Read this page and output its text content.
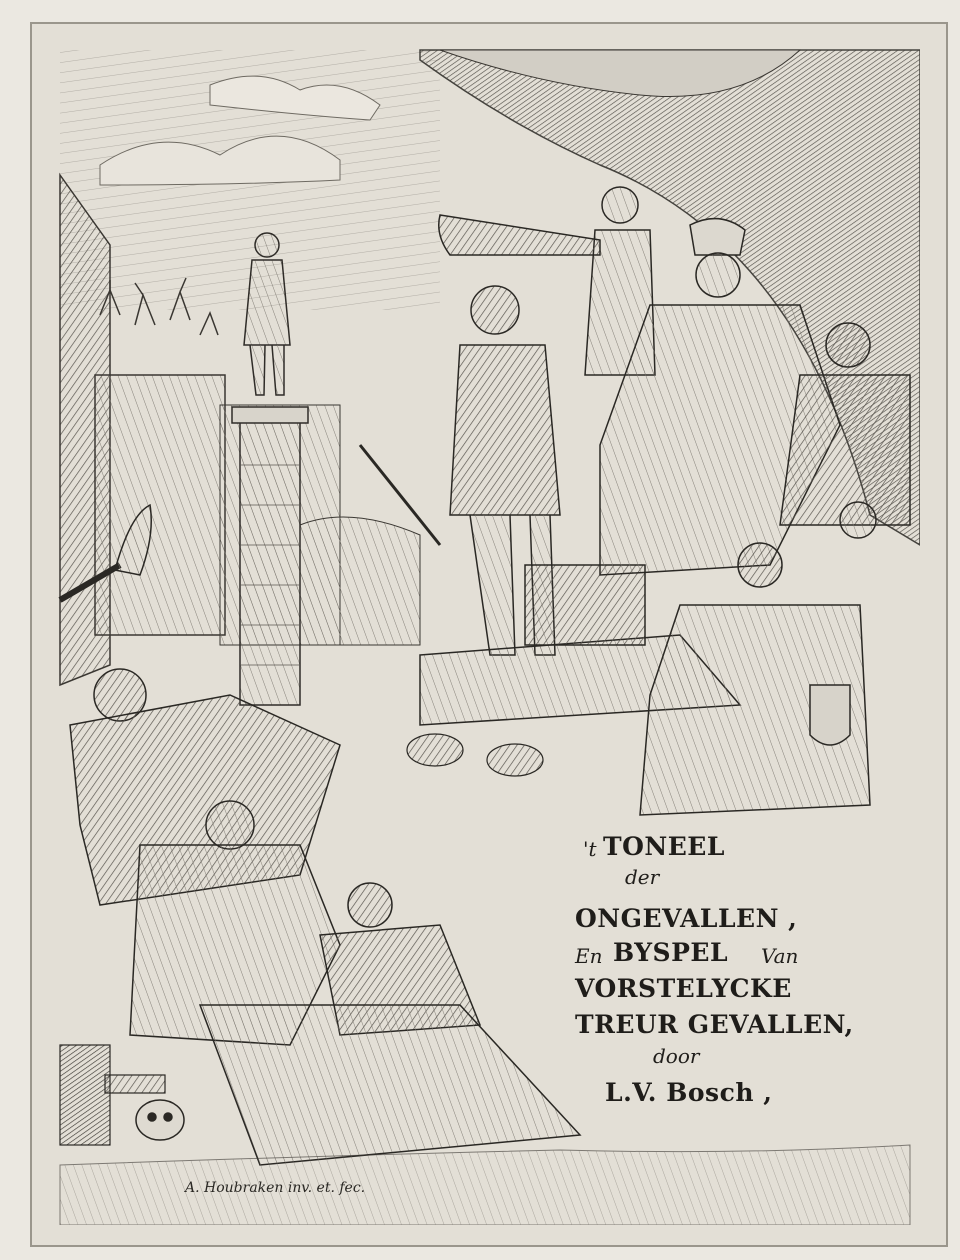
't TONEEL
der
ONGEVALLEN ,
En BYSPEL Van
VORSTELYCKE
TREUR GEVALLEN,
door
L.V. Bosch ,
A. Houbraken inv. et. fec.
